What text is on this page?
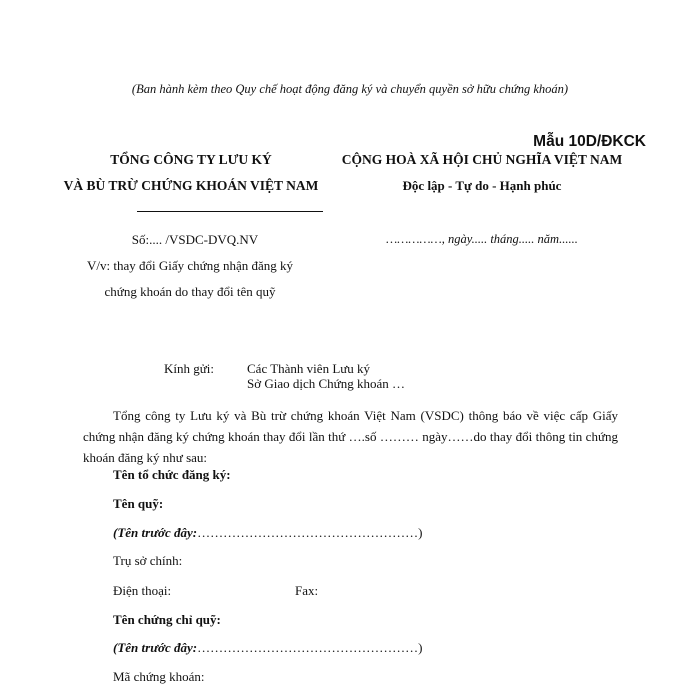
(Ban hành kèm theo Quy chế hoạt động đăng ký và chuyển quyền sở hữu chứng khoán)
Mẫu 10D/ĐKCK
TỔNG CÔNG TY LƯU KÝ
VÀ BÙ TRỪ CHỨNG KHOÁN VIỆT NAM
CỘNG HOÀ XÃ HỘI CHỦ NGHĨA VIỆT NAM
Độc lập - Tự do - Hạnh phúc
Số:.... /VSDC-DVQ.NV	……………, ngày..... tháng..... năm......
V/v: thay đổi Giấy chứng nhận đăng ký
chứng khoán do thay đổi tên quỹ
Kính gửi:	Các Thành viên Lưu ký
Sở Giao dịch Chứng khoán …
Tổng công ty Lưu ký và Bù trừ chứng khoán Việt Nam (VSDC) thông báo về việc cấp Giấy chứng nhận đăng ký chứng khoán thay đổi lần thứ ….số ……… ngày……do thay đổi thông tin chứng khoán đăng ký như sau:
Tên tổ chức đăng ký:
Tên quỹ:
(Tên trước đây:……………………………………………)
Trụ sở chính:
Điện thoại:	Fax:
Tên chứng chỉ quỹ:
(Tên trước đây:……………………………………………)
Mã chứng khoán:
